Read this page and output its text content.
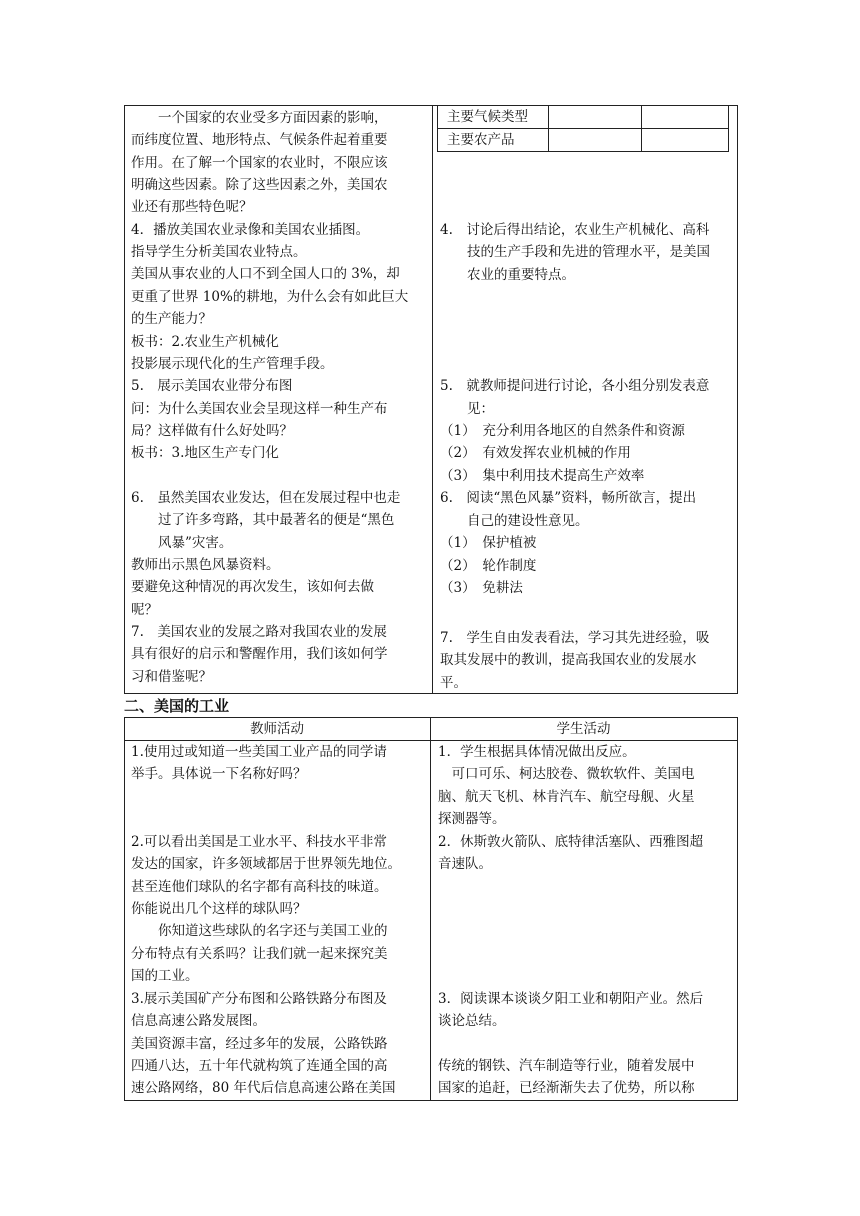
主要气候类型
主要农产品
　　一个国家的农业受多方面因素的影响，
而纬度位置、地形特点、气候条件起着重要
作用。在了解一个国家的农业时，不限应该
明确这些因素。除了这些因素之外，美国农
业还有那些特色呢？
4．播放美国农业录像和美国农业插图。
指导学生分析美国农业特点。
美国从事农业的人口不到全国人口的 3%，却
更重了世界 10%的耕地，为什么会有如此巨大
的生产能力？
板书：2.农业生产机械化
投影展示现代化的生产管理手段。
5.　展示美国农业带分布图
问：为什么美国农业会呈现这样一种生产布
局？这样做有什么好处吗？
板书：3.地区生产专门化
6.　虽然美国农业发达，但在发展过程中也走
　　过了许多弯路，其中最著名的便是“黑色
　　风暴”灾害。
教师出示黑色风暴资料。
要避免这种情况的再次发生，该如何去做
呢？
7.　美国农业的发展之路对我国农业的发展
具有很好的启示和警醒作用，我们该如何学
习和借鉴呢？
4.　讨论后得出结论，农业生产机械化、高科
　　技的生产手段和先进的管理水平，是美国
　　农业的重要特点。
5.　就教师提问进行讨论，各小组分别发表意
　　见：
（1）　充分利用各地区的自然条件和资源
（2）　有效发挥农业机械的作用
（3）　集中利用技术提高生产效率
6.　阅读“黑色风暴”资料，畅所欲言，提出
　　自己的建设性意见。
（1）　保护植被
（2）　轮作制度
（3）　免耕法
7.　学生自由发表看法，学习其先进经验，吸
取其发展中的教训，提高我国农业的发展水
平。
二、美国的工业
教师活动	学生活动
1.使用过或知道一些美国工业产品的同学请
举手。具体说一下名称好吗？
2.可以看出美国是工业水平、科技水平非常
发达的国家，许多领域都居于世界领先地位。
甚至连他们球队的名字都有高科技的味道。
你能说出几个这样的球队吗？
　　你知道这些球队的名字还与美国工业的
分布特点有关系吗？让我们就一起来探究美
国的工业。
3.展示美国矿产分布图和公路铁路分布图及
信息高速公路发展图。
美国资源丰富，经过多年的发展，公路铁路
四通八达，五十年代就构筑了连通全国的高
速公路网络，80 年代后信息高速公路在美国
1．学生根据具体情况做出反应。
　可口可乐、柯达胶卷、微软软件、美国电
脑、航天飞机、林肯汽车、航空母舰、火星
探测器等。
2．休斯敦火箭队、底特律活塞队、西雅图超
音速队。
3．阅读课本谈谈夕阳工业和朝阳产业。然后
谈论总结。
传统的钢铁、汽车制造等行业，随着发展中
国家的追赶，已经渐渐失去了优势，所以称
